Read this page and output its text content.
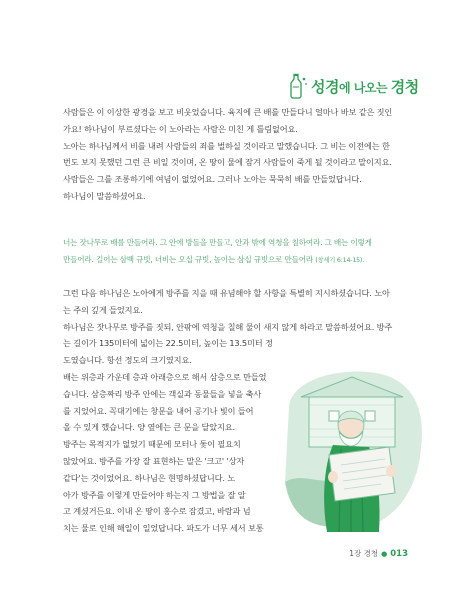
성경에 나오는 경청

사람들은 이 이상한 광경을 보고 비웃었습니다. 육지에 큰 배를 만들다니 얼마나 바보 같은 짓인

가요! 하나님이 부르셨다는 이 노아라는 사람은 미친 게 틀림없어요.

노아는 하나님께서 비를 내려 사람들의 죄를 벌하실 것이라고 말했습니다. 그 비는 이전에는 한

번도 보지 못했던 그런 큰 비일 것이며, 온 땅이 물에 잠겨 사람들이 죽게 될 것이라고 말이지요.

사람들은 그를 조롱하기에 여념이 없었어요. 그러나 노아는 묵묵히 배를 만들었답니다.

하나님이 말씀하셨어요.

너는 잣나무로 배를 만들어라. 그 안에 방들을 만들고, 안과 밖에 역청을 칠하여라. 그 배는 이렇게
만들어라. 길이는 삼백 규빗, 너비는 오십 규빗, 높이는 삼십 규빗으로 만들어라 (창세기 6:14-15).

그런 다음 하나님은 노아에게 방주를 지을 때 유념해야 할 사항을 특별히 지시하셨습니다. 노아

는 주의 깊게 들었지요.

하나님은 잣나무로 방주를 짓되, 안팎에 역청을 칠해 물이 새지 않게 하라고 말씀하셨어요. 방주

는 길이가 135미터에 넓이는 22.5미터, 높이는 13.5미터 정

도였습니다. 항선 정도의 크기였지요.

배는 위층과 가운데 층과 아래층으로 해서 삼층으로 만들었

습니다. 삼층짜리 방주 안에는 객실과 동물들을 넣을 축사

를 지었어요. 꼭대기에는 창문을 내어 공기나 빛이 들어

올 수 있게 했습니다. 양 옆에는 큰 문을 달았지요.

방주는 목적지가 없었기 때문에 모터나 돛이 필요치

않았어요. 방주를 가장 잘 표현하는 말은 '크고' '상자

같다'는 것이었어요. 하나님은 현명하셨답니다. 노

아가 방주를 이렇게 만들어야 하는지 그 방법을 잘 알

고 계셨거든요. 이내 온 땅이 홍수로 잠겼고, 바람과 넘

치는 물로 인해 해일이 일었답니다. 파도가 너무 세서 보통

1장 경청 ● 013
